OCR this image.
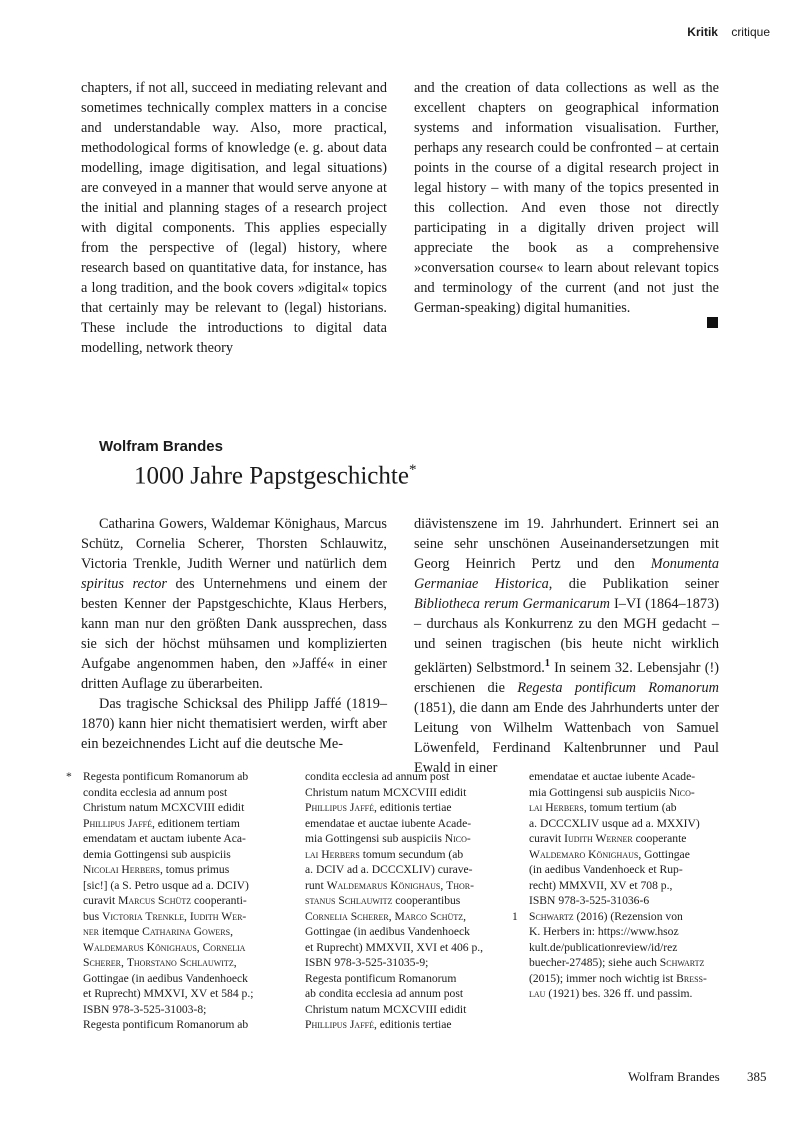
Kritik critique

chapters, if not all, succeed in mediating relevant and sometimes technically complex matters in a concise and understandable way. Also, more practical, methodological forms of knowledge (e. g. about data modelling, image digitisation, and legal situations) are conveyed in a manner that would serve anyone at the initial and planning stages of a research project with digital components. This applies especially from the perspective of (legal) history, where research based on quantitative data, for instance, has a long tradition, and the book covers »digital« topics that certainly may be relevant to (legal) historians. These include the introductions to digital data modelling, network theory

and the creation of data collections as well as the excellent chapters on geographical information systems and information visualisation. Further, perhaps any research could be confronted – at certain points in the course of a digital research project in legal history – with many of the topics presented in this collection. And even those not directly participating in a digitally driven project will appreciate the book as a comprehensive »conversation course« to learn about relevant topics and terminology of the current (and not just the German-speaking) digital humanities.

Wolfram Brandes
1000 Jahre Papstgeschichte*

Catharina Gowers, Waldemar Könighaus, Marcus Schütz, Cornelia Scherer, Thorsten Schlauwitz, Victoria Trenkle, Judith Werner und natürlich dem spiritus rector des Unternehmens und einem der besten Kenner der Papstgeschichte, Klaus Herbers, kann man nur den größten Dank aussprechen, dass sie sich der höchst mühsamen und komplizierten Aufgabe angenommen haben, den »Jaffé« in einer dritten Auflage zu überarbeiten.

Das tragische Schicksal des Philipp Jaffé (1819–1870) kann hier nicht thematisiert werden, wirft aber ein bezeichnendes Licht auf die deutsche Me-

diävistenszene im 19. Jahrhundert. Erinnert sei an seine sehr unschönen Auseinandersetzungen mit Georg Heinrich Pertz und den Monumenta Germaniae Historica, die Publikation seiner Bibliotheca rerum Germanicarum I–VI (1864–1873) – durchaus als Konkurrenz zu den MGH gedacht – und seinen tragischen (bis heute nicht wirklich geklärten) Selbstmord.$^1$ In seinem 32. Lebensjahr (!) erschienen die Regesta pontificum Romanorum (1851), die dann am Ende des Jahrhunderts unter der Leitung von Wilhelm Wattenbach von Samuel Löwenfeld, Ferdinand Kaltenbrunner und Paul Ewald in einer

* Regesta pontificum Romanorum ab
condita ecclesia ad annum post
Christum natum MCXCVIII edidit
Phillipus Jaffé, editionem tertiam
emendatam et auctam iubente Aca-
demia Gottingensi sub auspiciis
Nicolai Herbers, tomus primus
[sic!] (a S. Petro usque ad a. DCIV)
curavit Marcus Schütz cooperanti-
bus Victoria Trenkle, Iudith Wer-
ner itemque Catharina Gowers,
Waldemarus Könighaus, Cornelia
Scherer, Thorstano Schlauwitz,
Gottingae (in aedibus Vandenhoeck
et Ruprecht) MMXVI, XV et 584 p.;
ISBN 978-3-525-31003-8;
Regesta pontificum Romanorum ab
condita ecclesia ad annum post
Christum natum MCXCVIII edidit
Phillipus Jaffé, editionis tertiae
emendatae et auctae iubente Acade-
mia Gottingensi sub auspiciis Nico-
lai Herbers tomum secundum (ab
a. DCIV ad a. DCCCXLIV) curave-
runt Waldemarus Könighaus, Thor-
stanus Schlauwitz cooperantibus
Cornelia Scherer, Marco Schütz,
Gottingae (in aedibus Vandenhoeck
et Ruprecht) MMXVII, XVI et 406 p.,
ISBN 978-3-525-31035-9;
Regesta pontificum Romanorum
ab condita ecclesia ad annum post
Christum natum MCXCVIII edidit
Phillipus Jaffé, editionis tertiae
emendatae et auctae iubente Acade-
mia Gottingensi sub auspiciis Nico-
lai Herbers, tomum tertium (ab
a. DCCCXLIV usque ad a. MXXIV)
curavit Iudith Werner cooperante
Waldemaro Könighaus, Gottingae
(in aedibus Vandenhoeck et Rup-
recht) MMXVII, XV et 708 p.,
ISBN 978-3-525-31036-6
1 Schwartz (2016) (Rezension von
K. Herbers in: https://www.hsoz
kult.de/publicationreview/id/rez
buecher-27485); siehe auch Schwartz
(2015); immer noch wichtig ist Bress-
lau (1921) bes. 326 ff. und passim.
Wolfram Brandes 385
